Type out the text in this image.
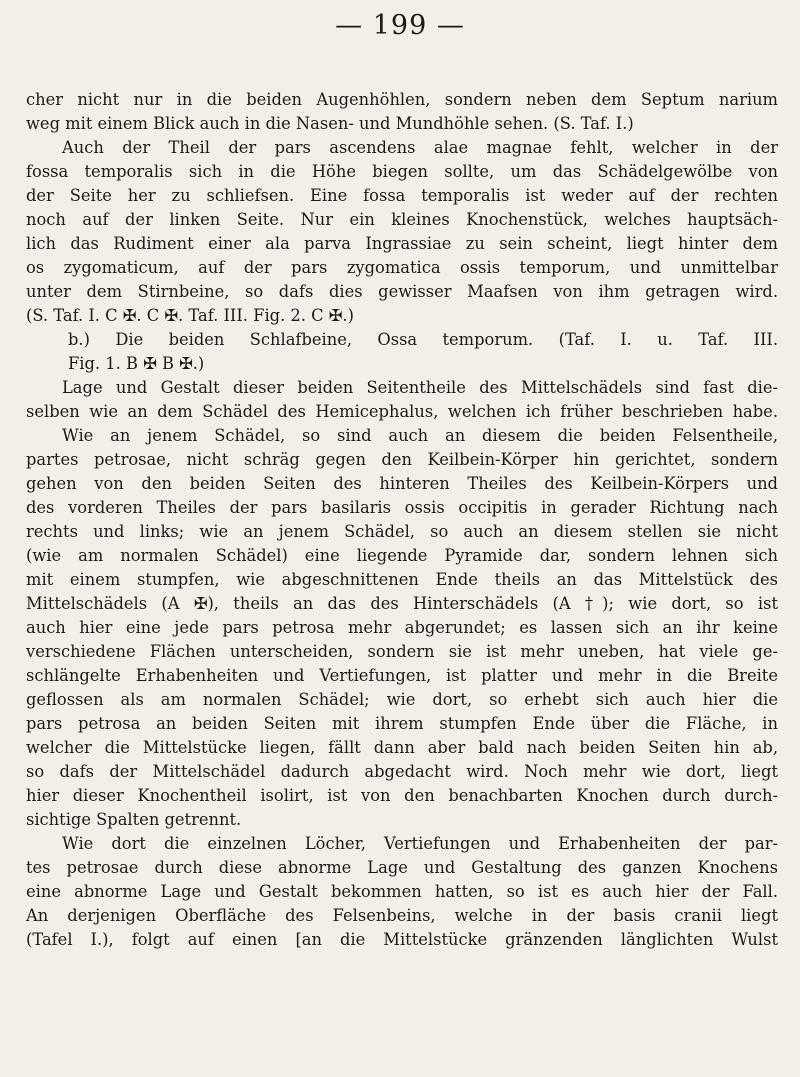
— 199 —
cher nicht nur in die beiden Augenhöhlen, sondern neben dem Septum narium
weg mit einem Blick auch in die Nasen- und Mundhöhle sehen. (S. Taf. I.)
Auch der Theil der pars ascendens alae magnae fehlt, welcher in der
fossa temporalis sich in die Höhe biegen sollte, um das Schädelgewölbe von
der Seite her zu schliefsen. Eine fossa temporalis ist weder auf der rechten
noch auf der linken Seite. Nur ein kleines Knochenstück, welches hauptsäch-
lich das Rudiment einer ala parva Ingrassiae zu sein scheint, liegt hinter dem
os zygomaticum, auf der pars zygomatica ossis temporum, und unmittelbar
unter dem Stirnbeine, so dafs dies gewisser Maafsen von ihm getragen wird.
(S. Taf. I. C ✠. C ✠. Taf. III. Fig. 2. C ✠.)
b.) Die beiden Schlafbeine, Ossa temporum. (Taf. I. u. Taf. III.
Fig. 1. B ✠ B ✠.)
Lage und Gestalt dieser beiden Seitentheile des Mittelschädels sind fast die-
selben wie an dem Schädel des Hemicephalus, welchen ich früher beschrieben habe.
Wie an jenem Schädel, so sind auch an diesem die beiden Felsentheile,
partes petrosae, nicht schräg gegen den Keilbein-Körper hin gerichtet, sondern
gehen von den beiden Seiten des hinteren Theiles des Keilbein-Körpers und
des vorderen Theiles der pars basilaris ossis occipitis in gerader Richtung nach
rechts und links; wie an jenem Schädel, so auch an diesem stellen sie nicht
(wie am normalen Schädel) eine liegende Pyramide dar, sondern lehnen sich
mit einem stumpfen, wie abgeschnittenen Ende theils an das Mittelstück des
Mittelschädels (A ✠), theils an das des Hinterschädels (A †); wie dort, so ist
auch hier eine jede pars petrosa mehr abgerundet; es lassen sich an ihr keine
verschiedene Flächen unterscheiden, sondern sie ist mehr uneben, hat viele ge-
schlängelte Erhabenheiten und Vertiefungen, ist platter und mehr in die Breite
geflossen als am normalen Schädel; wie dort, so erhebt sich auch hier die
pars petrosa an beiden Seiten mit ihrem stumpfen Ende über die Fläche, in
welcher die Mittelstücke liegen, fällt dann aber bald nach beiden Seiten hin ab,
so dafs der Mittelschädel dadurch abgedacht wird. Noch mehr wie dort, liegt
hier dieser Knochentheil isolirt, ist von den benachbarten Knochen durch durch-
sichtige Spalten getrennt.
Wie dort die einzelnen Löcher, Vertiefungen und Erhabenheiten der par-
tes petrosae durch diese abnorme Lage und Gestaltung des ganzen Knochens
eine abnorme Lage und Gestalt bekommen hatten, so ist es auch hier der Fall.
An derjenigen Oberfläche des Felsenbeins, welche in der basis cranii liegt
(Tafel I.), folgt auf einen [an die Mittelstücke gränzenden länglichten Wulst
